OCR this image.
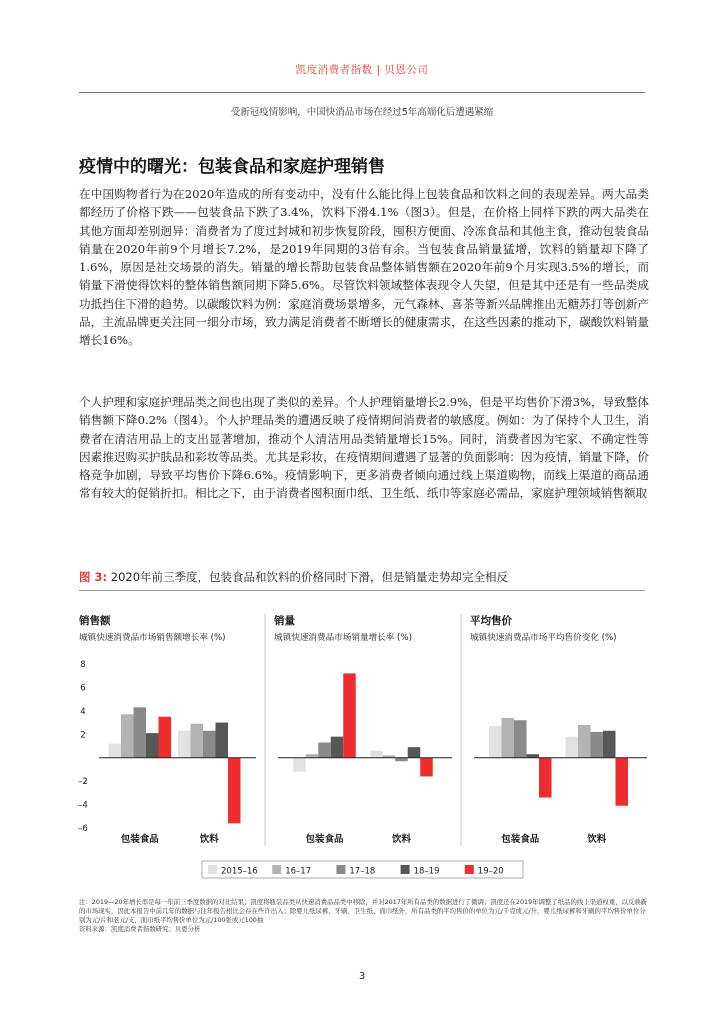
凯度消费者指数 | 贝恩公司
受新冠疫情影响，中国快消品市场在经过5年高端化后遭遇紧缩
疫情中的曙光：包装食品和家庭护理销售

在中国购物者行为在2020年造成的所有变动中，没有什么能比得上包装食品和饮料之间的表现差异。两大品类都经历了价格下跌——包装食品下跌了3.4%，饮料下滑4.1%（图3）。但是，在价格上同样下跌的两大品类在其他方面却差别迥异：消费者为了度过封城和初步恢复阶段，囤积方便面、冷冻食品和其他主食，推动包装食品销量在2020年前9个月增长7.2%，是2019年同期的3倍有余。当包装食品销量猛增，饮料的销量却下降了1.6%，原因是社交场景的消失。销量的增长帮助包装食品整体销售额在2020年前9个月实现3.5%的增长，而销量下滑使得饮料的整体销售额同期下降5.6%。尽管饮料领域整体表现令人失望，但是其中还是有一些品类成功抵挡住下滑的趋势。以碳酸饮料为例：家庭消费场景增多，元气森林、喜茶等新兴品牌推出无糖苏打等创新产品，主流品牌更关注同一细分市场，致力满足消费者不断增长的健康需求，在这些因素的推动下，碳酸饮料销量增长16%。

个人护理和家庭护理品类之间也出现了类似的差异。个人护理销量增长2.9%，但是平均售价下滑3%，导致整体销售额下降0.2%（图4）。个人护理品类的遭遇反映了疫情期间消费者的敏感度。例如：为了保持个人卫生，消费者在清洁用品上的支出显著增加，推动个人清洁用品类销量增长15%。同时，消费者因为宅家、不确定性等因素推迟购买护肤品和彩妆等品类。尤其是彩妆，在疫情期间遭遇了显著的负面影响：因为疫情，销量下降，价格竞争加剧，导致平均售价下降6.6%。疫情影响下，更多消费者倾向通过线上渠道购物，而线上渠道的商品通常有较大的促销折扣。相比之下，由于消费者囤积面巾纸、卫生纸、纸巾等家庭必需品，家庭护理领域销售额取

图 3: 2020年前三季度，包装食品和饮料的价格同时下滑，但是销量走势却完全相反
销售额
城镇快速消费品市场销售额增长率 (%)
8
6
4
2
–2
–4
–6
包装食品	饮料
销量
城镇快速消费品市场销量增长率 (%)
包装食品	饮料
平均售价
城镇快速消费品市场平均售价变化 (%)
包装食品	饮料
2015–16	16–17	17–18	18–19	19–20
注：2019—20年增长率是每一年前三季度数据的对比结果；凯度将瓶装品类从快速消费品品类中移除，并对2017年所有品类的数据进行了微调；凯度还在2019年调整了纸品的线上渠道权重，以反映新的市场现实，因此本报告中前几年的数据与往年报告相比会存在些许出入；除婴儿纸尿裤、牙刷、卫生纸、面巾纸外，所有品类的平均售价的单位为元/千克或元/升，婴儿纸尿裤和牙刷的平均售价单位分别为元/片和老元/支，面巾纸平均售价单位为元/100张或元100抽
资料来源：凯度消费者指数研究；贝恩分析
3
